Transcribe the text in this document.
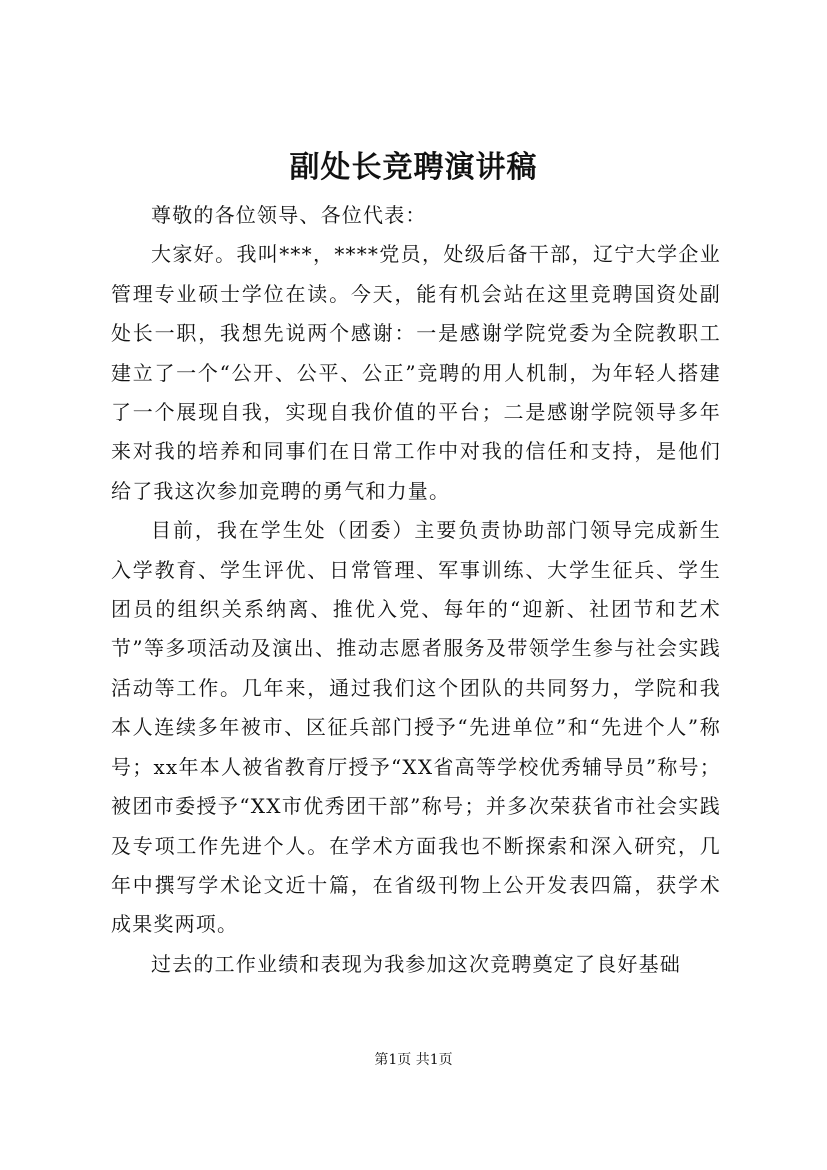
副处长竞聘演讲稿

尊敬的各位领导、各位代表：

大家好。我叫***，****党员，处级后备干部，辽宁大学企业管理专业硕士学位在读。今天，能有机会站在这里竞聘国资处副处长一职，我想先说两个感谢：一是感谢学院党委为全院教职工建立了一个“公开、公平、公正”竞聘的用人机制，为年轻人搭建了一个展现自我，实现自我价值的平台；二是感谢学院领导多年来对我的培养和同事们在日常工作中对我的信任和支持，是他们给了我这次参加竞聘的勇气和力量。

目前，我在学生处（团委）主要负责协助部门领导完成新生入学教育、学生评优、日常管理、军事训练、大学生征兵、学生团员的组织关系纳离、推优入党、每年的“迎新、社团节和艺术节”等多项活动及演出、推动志愿者服务及带领学生参与社会实践活动等工作。几年来，通过我们这个团队的共同努力，学院和我本人连续多年被市、区征兵部门授予“先进单位”和“先进个人”称号；xx年本人被省教育厅授予“XX省高等学校优秀辅导员”称号；被团市委授予“XX市优秀团干部”称号；并多次荣获省市社会实践及专项工作先进个人。在学术方面我也不断探索和深入研究，几年中撰写学术论文近十篇，在省级刊物上公开发表四篇，获学术成果奖两项。

过去的工作业绩和表现为我参加这次竞聘奠定了良好基础

第1页 共1页
